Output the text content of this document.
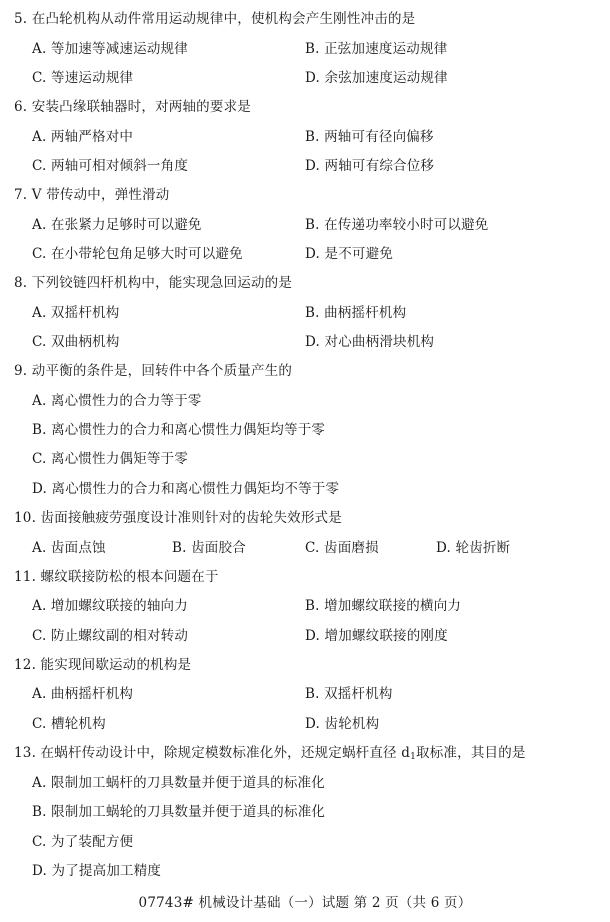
5. 在凸轮机构从动件常用运动规律中，使机构会产生刚性冲击的是
A. 等加速等减速运动规律	B. 正弦加速度运动规律
C. 等速运动规律	D. 余弦加速度运动规律
6. 安装凸缘联轴器时，对两轴的要求是
A. 两轴严格对中	B. 两轴可有径向偏移
C. 两轴可相对倾斜一角度	D. 两轴可有综合位移
7. V 带传动中，弹性滑动
A. 在张紧力足够时可以避免	B. 在传递功率较小时可以避免
C. 在小带轮包角足够大时可以避免	D. 是不可避免
8. 下列铰链四杆机构中，能实现急回运动的是
A. 双摇杆机构	B. 曲柄摇杆机构
C. 双曲柄机构	D. 对心曲柄滑块机构
9. 动平衡的条件是，回转件中各个质量产生的
A. 离心惯性力的合力等于零
B. 离心惯性力的合力和离心惯性力偶矩均等于零
C. 离心惯性力偶矩等于零
D. 离心惯性力的合力和离心惯性力偶矩均不等于零
10. 齿面接触疲劳强度设计准则针对的齿轮失效形式是
A. 齿面点蚀	B. 齿面胶合	C. 齿面磨损	D. 轮齿折断
11. 螺纹联接防松的根本问题在于
A. 增加螺纹联接的轴向力	B. 增加螺纹联接的横向力
C. 防止螺纹副的相对转动	D. 增加螺纹联接的刚度
12. 能实现间歇运动的机构是
A. 曲柄摇杆机构	B. 双摇杆机构
C. 槽轮机构	D. 齿轮机构
13. 在蜗杆传动设计中，除规定模数标准化外，还规定蜗杆直径 $d_1$取标准，其目的是
A. 限制加工蜗杆的刀具数量并便于道具的标准化
B. 限制加工蜗轮的刀具数量并便于道具的标准化
C. 为了装配方便
D. 为了提高加工精度
07743# 机械设计基础（一）试题 第 2 页（共 6 页）
